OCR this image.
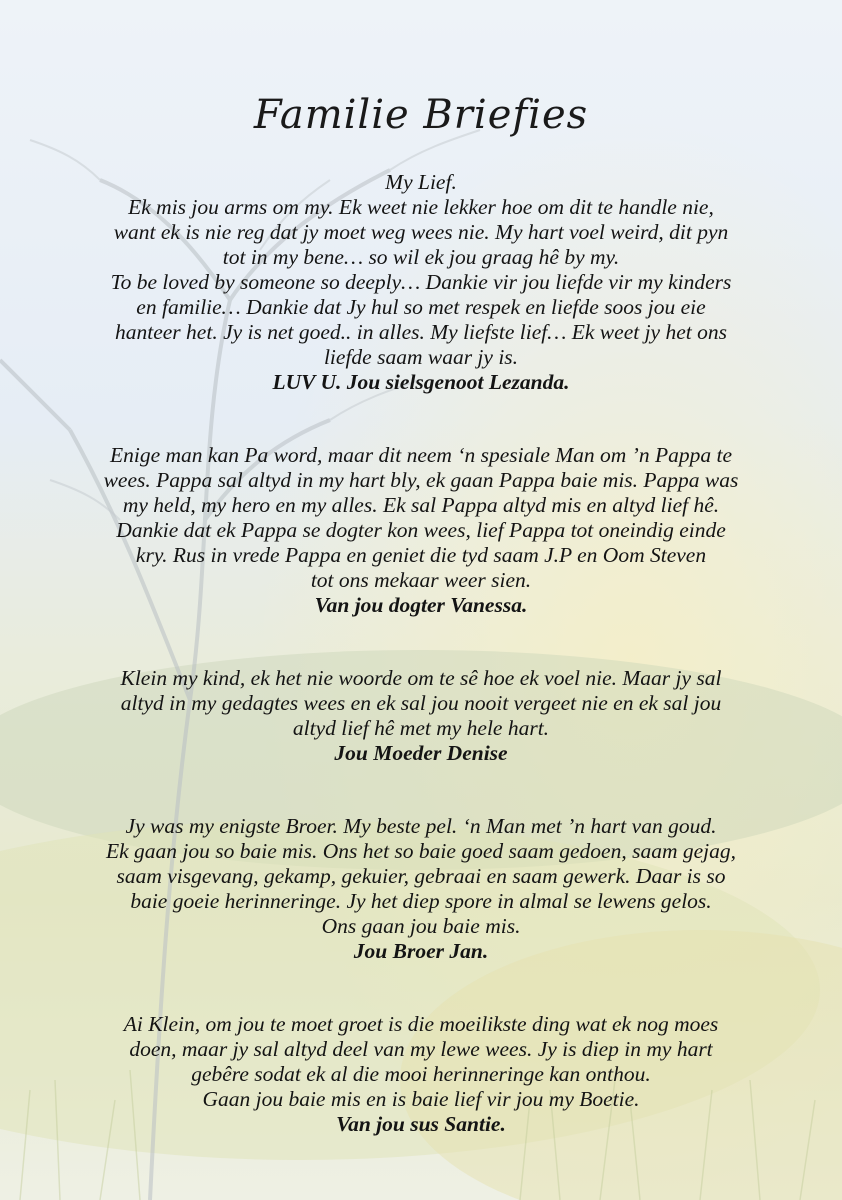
Familie Briefies
My Lief.
Ek mis jou arms om my. Ek weet nie lekker hoe om dit te handle nie,
want ek is nie reg dat jy moet weg wees nie. My hart voel weird, dit pyn
tot in my bene… so wil ek jou graag hê by my.
To be loved by someone so deeply… Dankie vir jou liefde vir my kinders
en familie… Dankie dat Jy hul so met respek en liefde soos jou eie
hanteer het. Jy is net goed.. in alles. My liefste lief… Ek weet jy het ons
liefde saam waar jy is.
LUV U. Jou sielsgenoot Lezanda.
Enige man kan Pa word, maar dit neem ‘n spesiale Man om ’n Pappa te
wees. Pappa sal altyd in my hart bly, ek gaan Pappa baie mis. Pappa was
my held, my hero en my alles. Ek sal Pappa altyd mis en altyd lief hê.
Dankie dat ek Pappa se dogter kon wees, lief Pappa tot oneindig einde
kry. Rus in vrede Pappa en geniet die tyd saam J.P en Oom Steven
tot ons mekaar weer sien.
Van jou dogter Vanessa.
Klein my kind, ek het nie woorde om te sê hoe ek voel nie. Maar jy sal
altyd in my gedagtes wees en ek sal jou nooit vergeet nie en ek sal jou
altyd lief hê met my hele hart.
Jou Moeder Denise
Jy was my enigste Broer. My beste pel. ‘n Man met ’n hart van goud.
Ek gaan jou so baie mis. Ons het so baie goed saam gedoen, saam gejag,
saam visgevang, gekamp, gekuier, gebraai en saam gewerk. Daar is so
baie goeie herinneringe. Jy het diep spore in almal se lewens gelos.
Ons gaan jou baie mis.
Jou Broer Jan.
Ai Klein, om jou te moet groet is die moeilikste ding wat ek nog moes
doen, maar jy sal altyd deel van my lewe wees. Jy is diep in my hart
gebêre sodat ek al die mooi herinneringe kan onthou.
Gaan jou baie mis en is baie lief vir jou my Boetie.
Van jou sus Santie.
